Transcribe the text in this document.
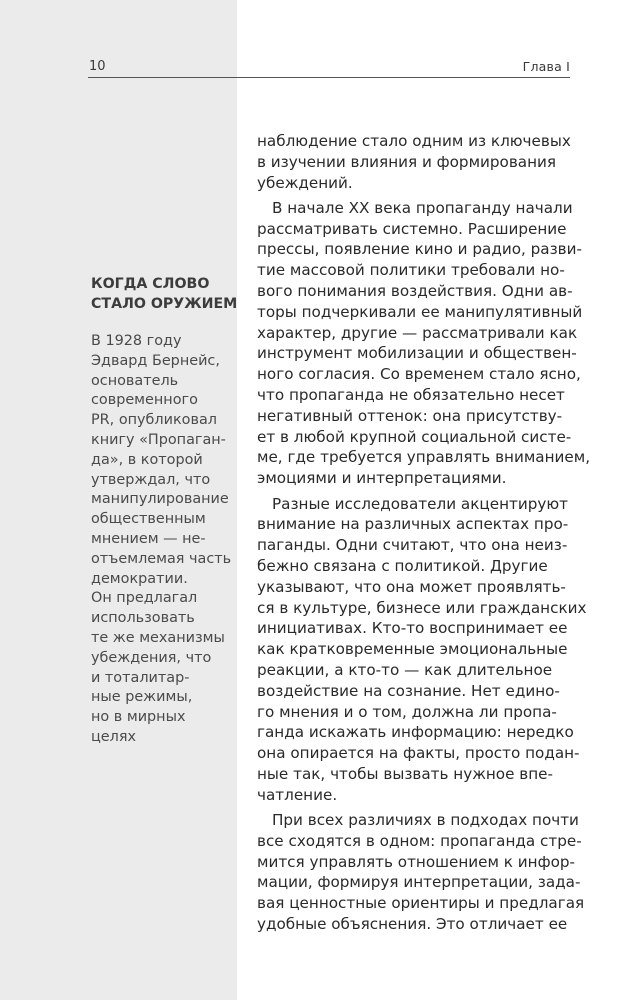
10	Глава I
КОГДА СЛОВО
СТАЛО ОРУЖИЕМ
В 1928 году
Эдвард Бернейс,
основатель
современного
PR, опубликовал
книгу «Пропаган-
да», в которой
утверждал, что
манипулирование
общественным
мнением — не-
отъемлемая часть
демократии.
Он предлагал
использовать
те же механизмы
убеждения, что
и тоталитар-
ные режимы,
но в мирных
целях
наблюдение стало одним из ключевых
в изучении влияния и формирования
убеждений.
В начале XX века пропаганду начали
рассматривать системно. Расширение
прессы, появление кино и радио, разви-
тие массовой политики требовали но-
вого понимания воздействия. Одни ав-
торы подчеркивали ее манипулятивный
характер, другие — рассматривали как
инструмент мобилизации и обществен-
ного согласия. Со временем стало ясно,
что пропаганда не обязательно несет
негативный оттенок: она присутству-
ет в любой крупной социальной систе-
ме, где требуется управлять вниманием,
эмоциями и интерпретациями.
Разные исследователи акцентируют
внимание на различных аспектах про-
паганды. Одни считают, что она неиз-
бежно связана с политикой. Другие
указывают, что она может проявлять-
ся в культуре, бизнесе или гражданских
инициативах. Кто-то воспринимает ее
как кратковременные эмоциональные
реакции, а кто-то — как длительное
воздействие на сознание. Нет едино-
го мнения и о том, должна ли пропа-
ганда искажать информацию: нередко
она опирается на факты, просто подан-
ные так, чтобы вызвать нужное впе-
чатление.
При всех различиях в подходах почти
все сходятся в одном: пропаганда стре-
мится управлять отношением к инфор-
мации, формируя интерпретации, зада-
вая ценностные ориентиры и предлагая
удобные объяснения. Это отличает ее
